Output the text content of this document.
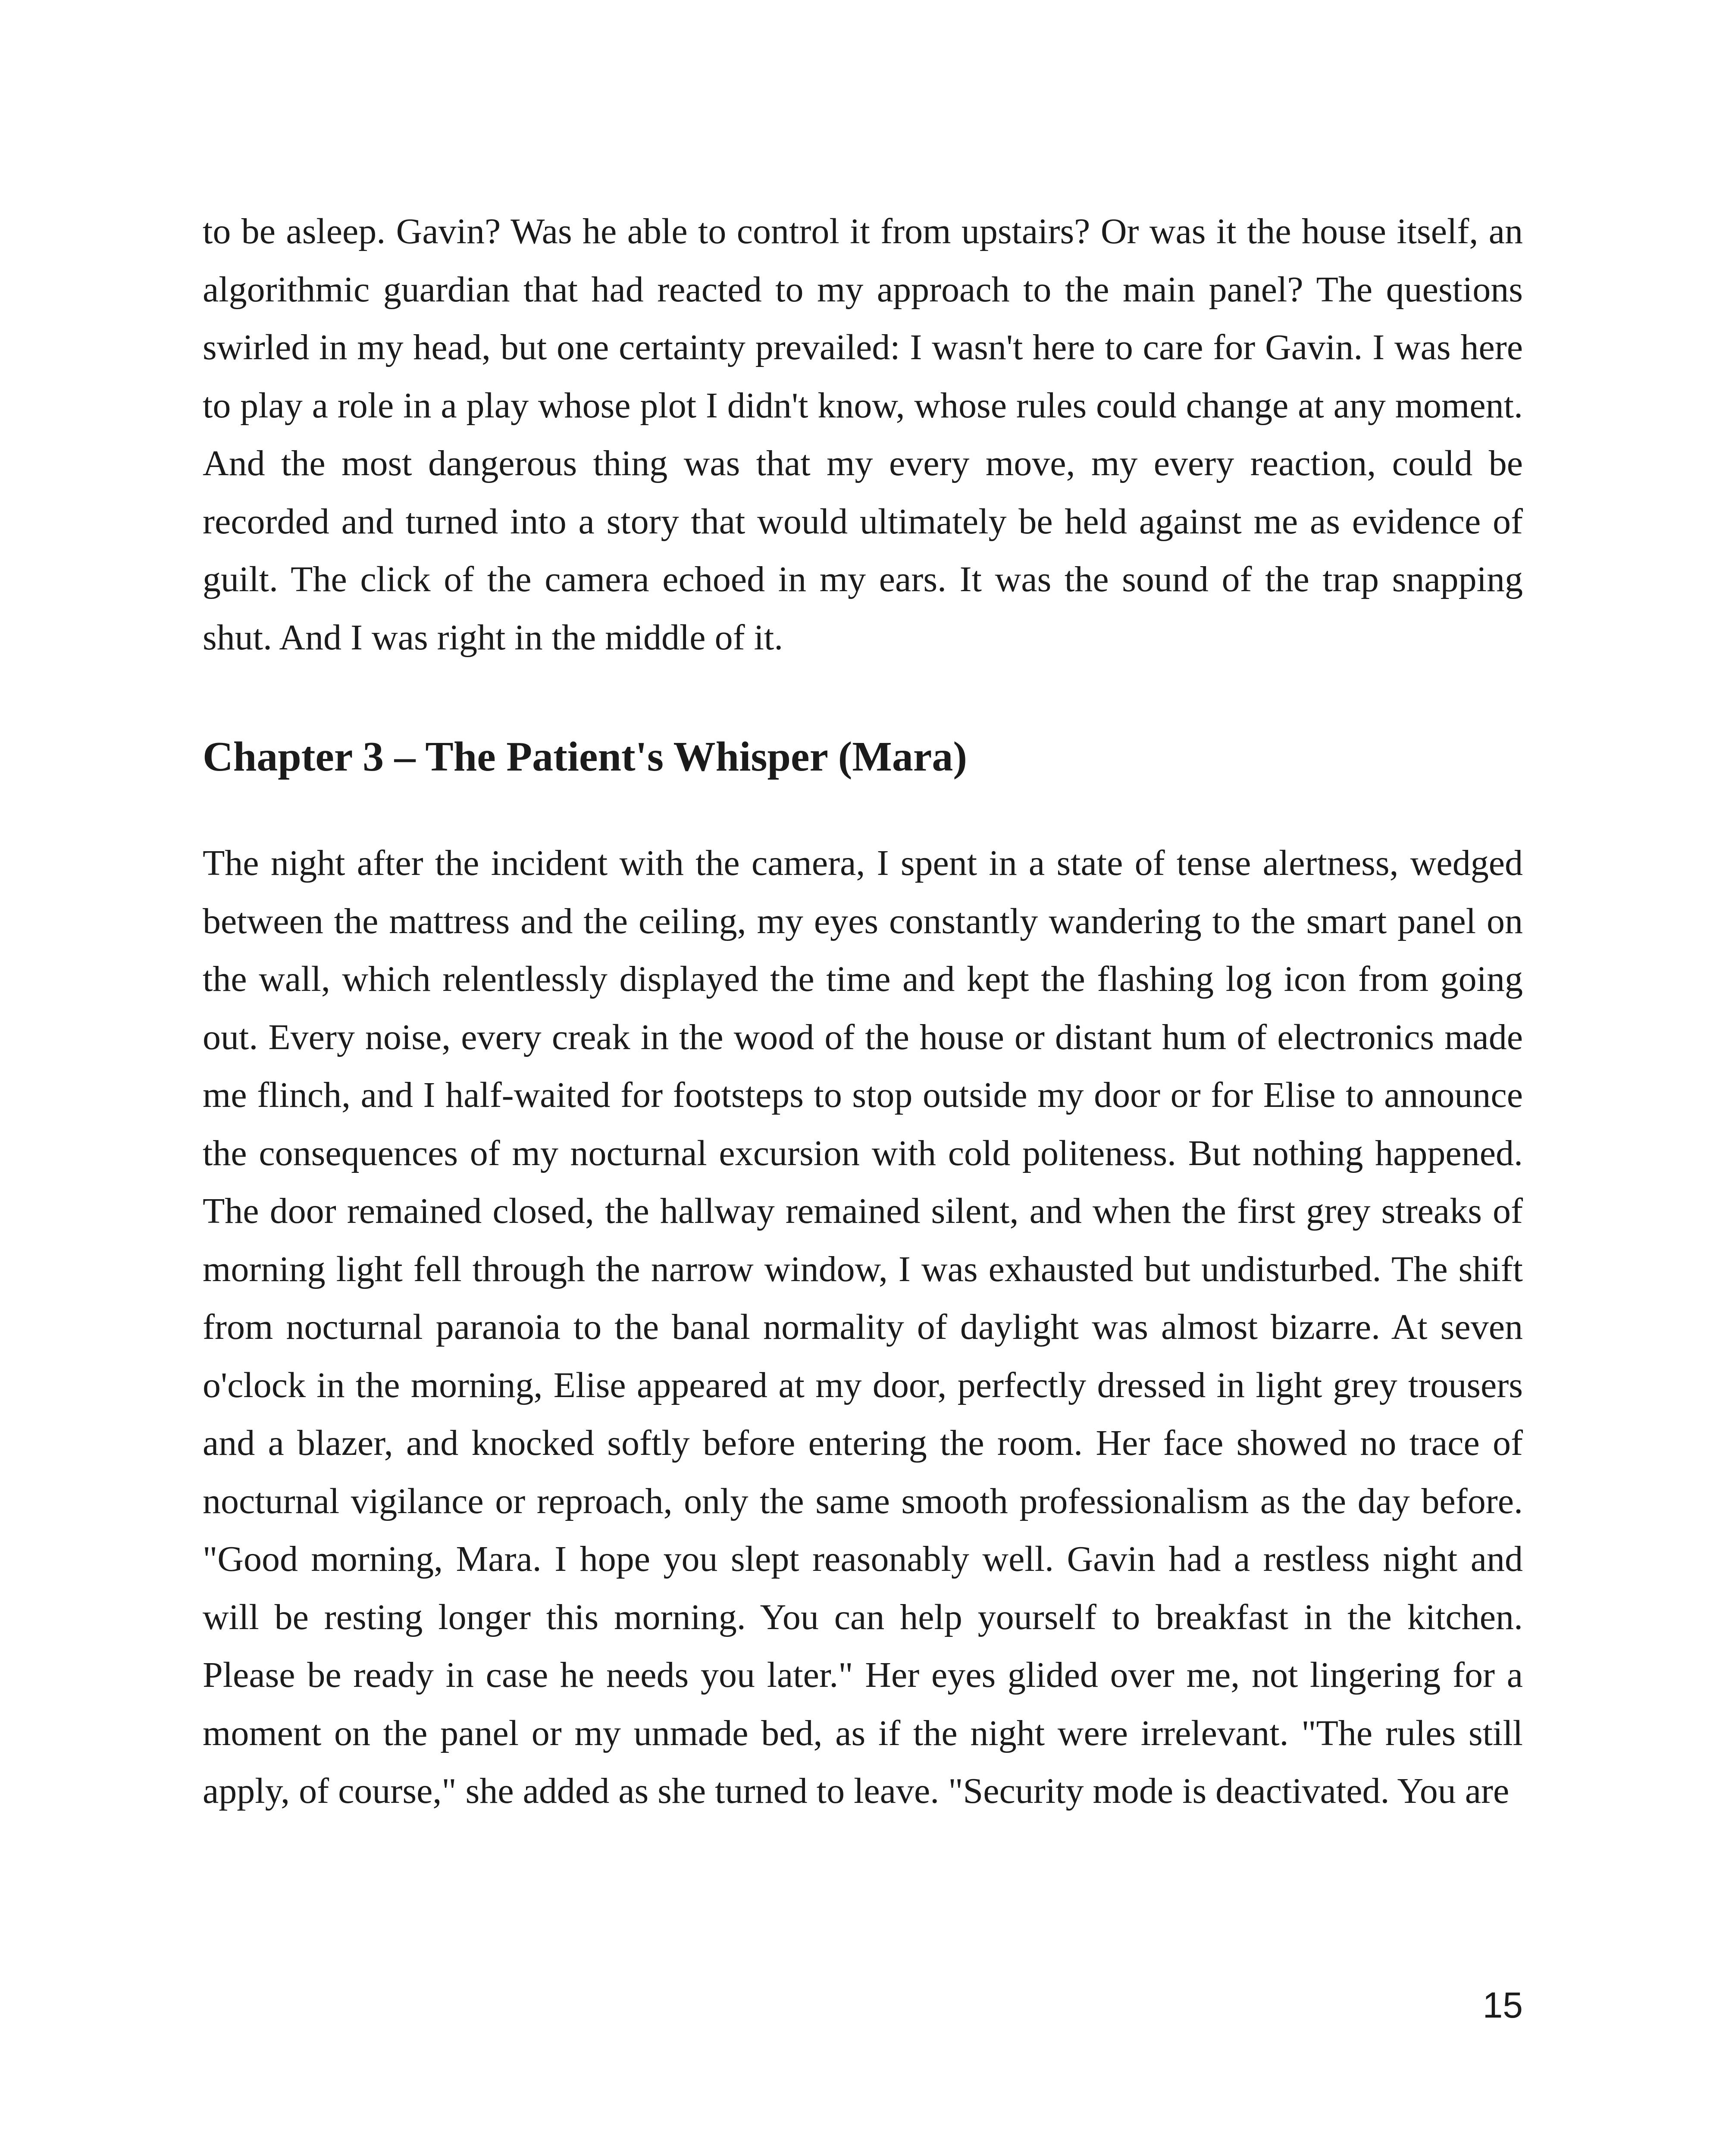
to be asleep. Gavin? Was he able to control it from upstairs? Or was it the house itself, an algorithmic guardian that had reacted to my approach to the main panel? The questions swirled in my head, but one certainty prevailed: I wasn't here to care for Gavin. I was here to play a role in a play whose plot I didn't know, whose rules could change at any moment. And the most dangerous thing was that my every move, my every reaction, could be recorded and turned into a story that would ultimately be held against me as evidence of guilt. The click of the camera echoed in my ears. It was the sound of the trap snapping shut. And I was right in the middle of it.

Chapter 3 – The Patient's Whisper (Mara)

The night after the incident with the camera, I spent in a state of tense alertness, wedged between the mattress and the ceiling, my eyes constantly wandering to the smart panel on the wall, which relentlessly displayed the time and kept the flashing log icon from going out. Every noise, every creak in the wood of the house or distant hum of electronics made me flinch, and I half-waited for footsteps to stop outside my door or for Elise to announce the consequences of my nocturnal excursion with cold politeness. But nothing happened. The door remained closed, the hallway remained silent, and when the first grey streaks of morning light fell through the narrow window, I was exhausted but undisturbed. The shift from nocturnal paranoia to the banal normality of daylight was almost bizarre. At seven o'clock in the morning, Elise appeared at my door, perfectly dressed in light grey trousers and a blazer, and knocked softly before entering the room. Her face showed no trace of nocturnal vigilance or reproach, only the same smooth professionalism as the day before. "Good morning, Mara. I hope you slept reasonably well. Gavin had a restless night and will be resting longer this morning. You can help yourself to breakfast in the kitchen. Please be ready in case he needs you later." Her eyes glided over me, not lingering for a moment on the panel or my unmade bed, as if the night were irrelevant. "The rules still apply, of course," she added as she turned to leave. "Security mode is deactivated. You are

15
